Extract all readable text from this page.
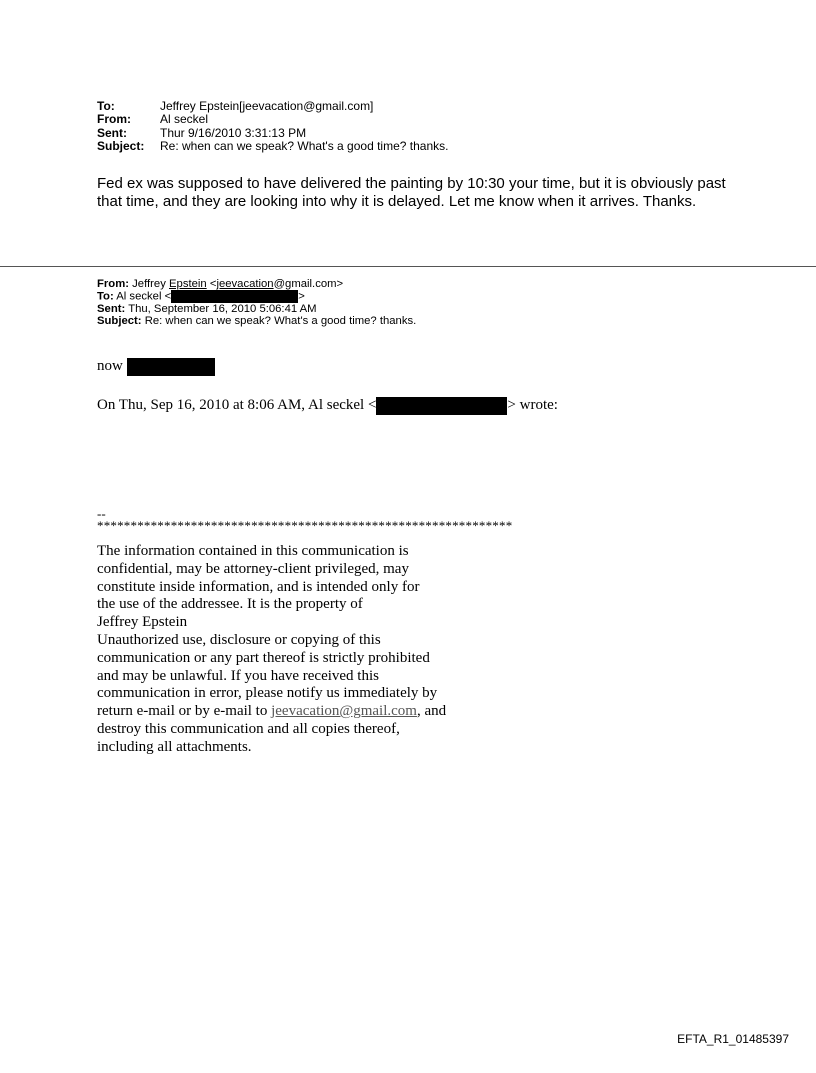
To:	Jeffrey Epstein[jeevacation@gmail.com]
From:	Al seckel
Sent:	Thur 9/16/2010 3:31:13 PM
Subject:	Re: when can we speak? What's a good time? thanks.
Fed ex was supposed to have delivered the painting by 10:30 your time, but it is obviously past that time, and they are looking into why it is delayed. Let me know when it arrives. Thanks.
From: Jeffrey Epstein <jeevacation@gmail.com>
To: Al seckel <	>
Sent: Thu, September 16, 2010 5:06:41 AM
Subject: Re: when can we speak? What's a good time? thanks.
now
On Thu, Sep 16, 2010 at 8:06 AM, Al seckel <	> wrote:
--
**************************************************************
The information contained in this communication is
confidential, may be attorney-client privileged, may
constitute inside information, and is intended only for
the use of the addressee. It is the property of
Jeffrey Epstein
Unauthorized use, disclosure or copying of this
communication or any part thereof is strictly prohibited
and may be unlawful. If you have received this
communication in error, please notify us immediately by
return e-mail or by e-mail to jeevacation@gmail.com, and
destroy this communication and all copies thereof,
including all attachments.
EFTA_R1_01485397
